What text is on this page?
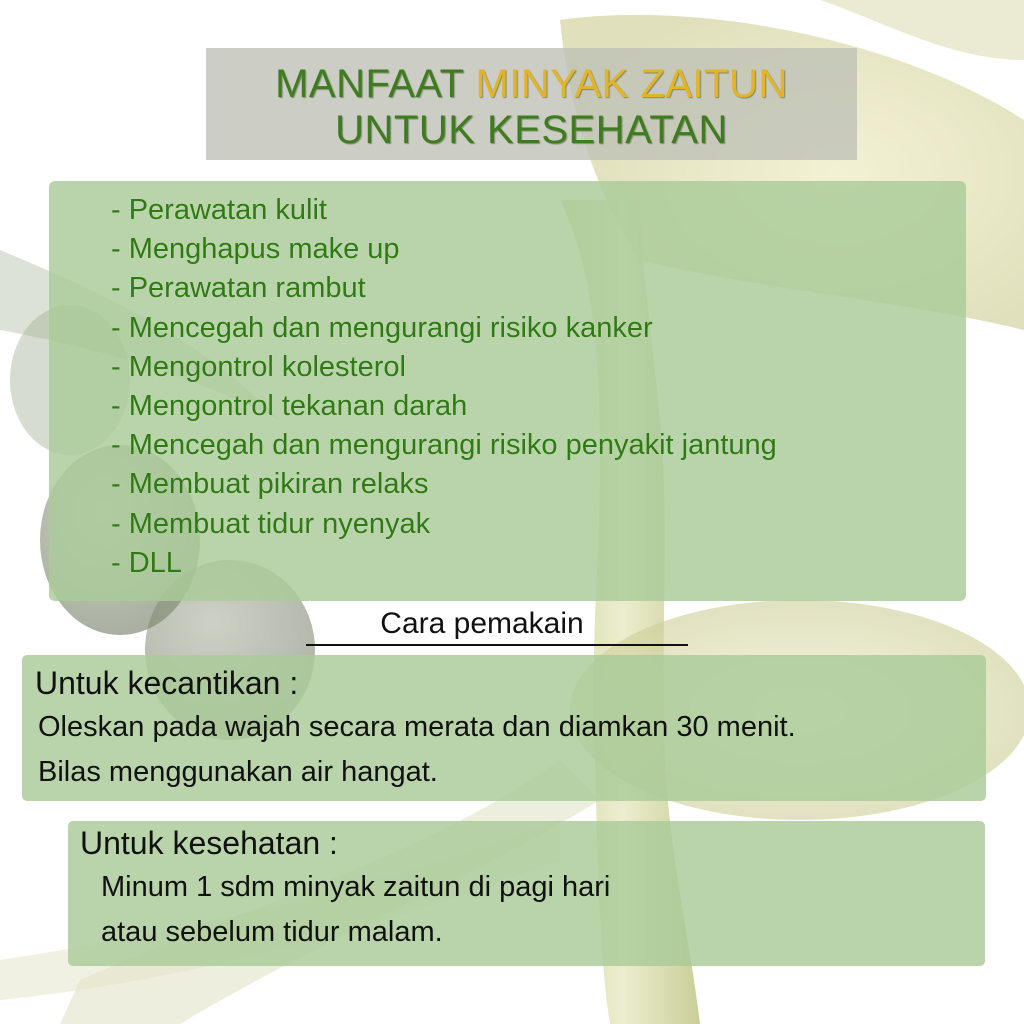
MANFAAT MINYAK ZAITUN
UNTUK KESEHATAN
- Perawatan kulit
- Menghapus make up
- Perawatan rambut
- Mencegah dan mengurangi risiko kanker
- Mengontrol kolesterol
- Mengontrol tekanan darah
- Mencegah dan mengurangi risiko penyakit jantung
- Membuat pikiran relaks
- Membuat tidur nyenyak
- DLL
Cara pemakain
Untuk kecantikan :
Oleskan pada wajah secara merata dan diamkan 30 menit.
Bilas menggunakan air hangat.
Untuk kesehatan :
Minum 1 sdm minyak zaitun di pagi hari
atau sebelum tidur malam.
